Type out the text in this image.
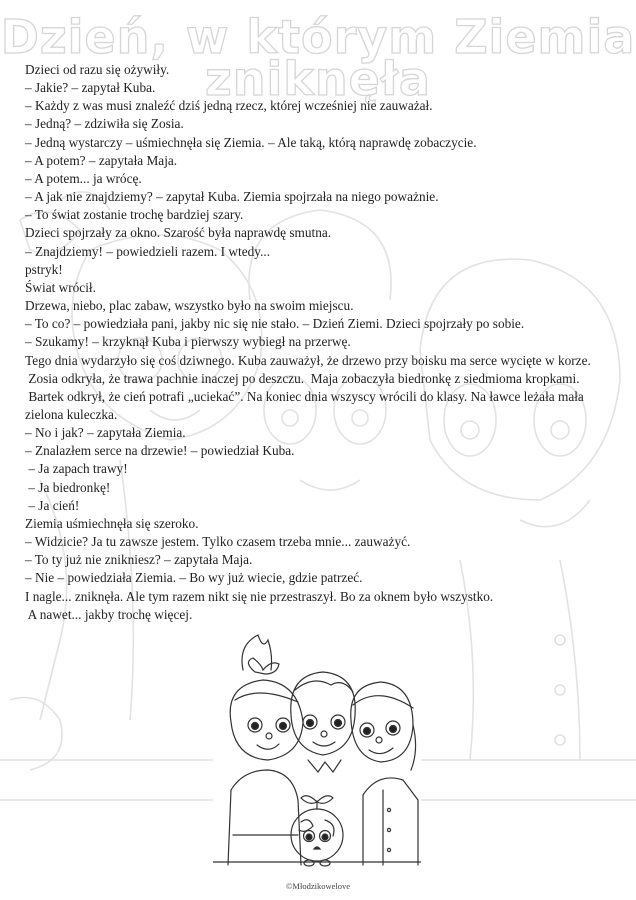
Dzień, w którym Ziemia
zniknęła

Dzieci od razu się ożywiły.

– Jakie? – zapytał Kuba.

– Każdy z was musi znaleźć dziś jedną rzecz, której wcześniej nie zauważał.

– Jedną? – zdziwiła się Zosia.

– Jedną wystarczy – uśmiechnęła się Ziemia. – Ale taką, którą naprawdę zobaczycie.

– A potem? – zapytała Maja.

– A potem... ja wrócę.

– A jak nie znajdziemy? – zapytał Kuba. Ziemia spojrzała na niego poważnie.

– To świat zostanie trochę bardziej szary.

Dzieci spojrzały za okno. Szarość była naprawdę smutna.

– Znajdziemy! – powiedzieli razem. I wtedy...

pstryk!

Świat wrócił.

Drzewa, niebo, plac zabaw, wszystko było na swoim miejscu.

– To co? – powiedziała pani, jakby nic się nie stało. – Dzień Ziemi. Dzieci spojrzały po sobie.

– Szukamy! – krzyknął Kuba i pierwszy wybiegł na przerwę.

Tego dnia wydarzyło się coś dziwnego. Kuba zauważył, że drzewo przy boisku ma serce wycięte w korze.

Zosia odkryła, że trawa pachnie inaczej po deszczu.  Maja zobaczyła biedronkę z siedmioma kropkami.

Bartek odkrył, że cień potrafi „uciekać”. Na koniec dnia wszyscy wrócili do klasy. Na ławce leżała mała

zielona kuleczka.

– No i jak? – zapytała Ziemia.

– Znalazłem serce na drzewie! – powiedział Kuba.

– Ja zapach trawy!

– Ja biedronkę!

– Ja cień!

Ziemia uśmiechnęła się szeroko.

– Widzicie? Ja tu zawsze jestem. Tylko czasem trzeba mnie... zauważyć.

– To ty już nie znikniesz? – zapytała Maja.

– Nie – powiedziała Ziemia. – Bo wy już wiecie, gdzie patrzeć.

I nagle... zniknęła. Ale tym razem nikt się nie przestraszył. Bo za oknem było wszystko.

A nawet... jakby trochę więcej.

©Młodzikowelove
